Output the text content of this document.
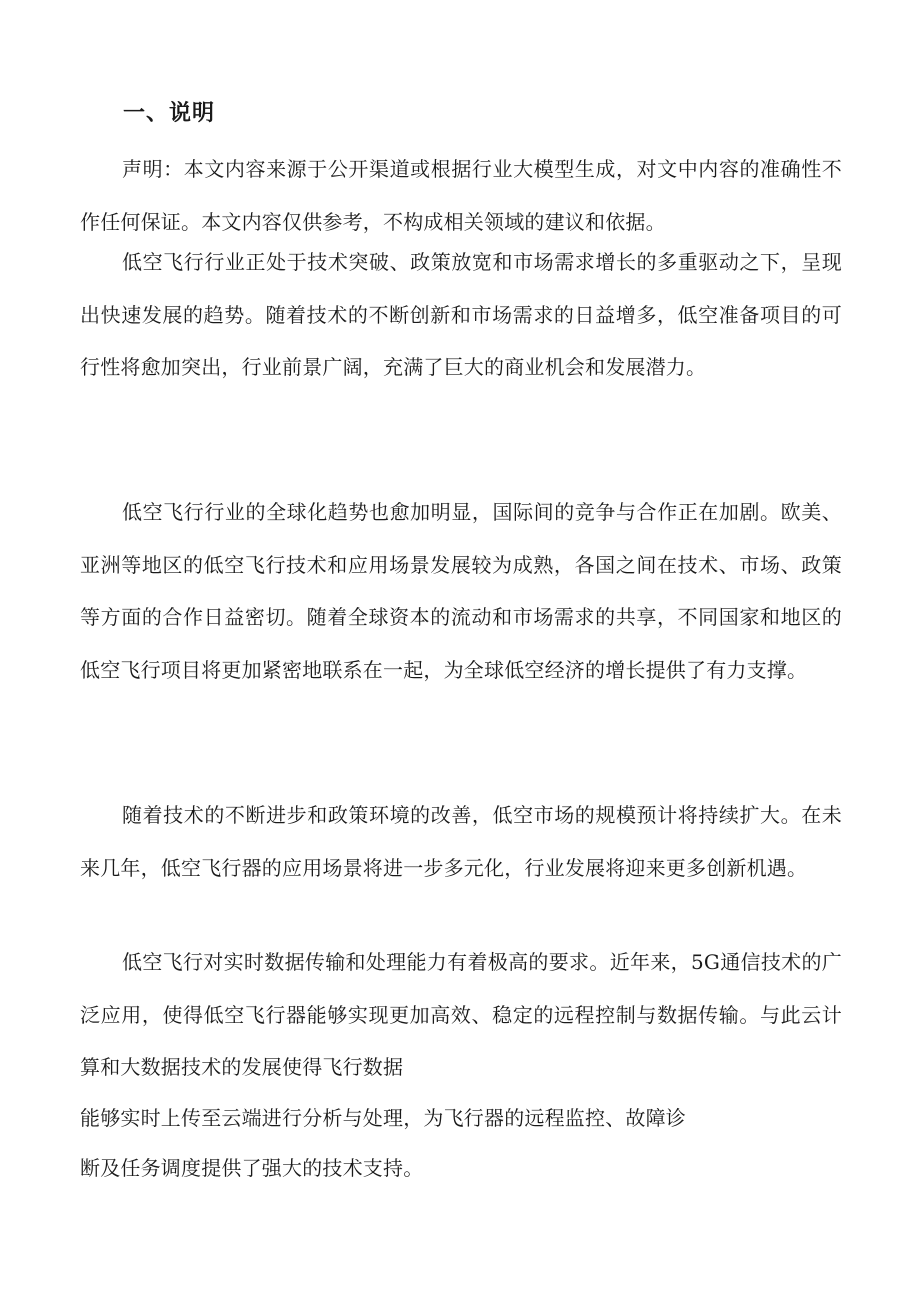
一、说明

声明：本文内容来源于公开渠道或根据行业大模型生成，对文中内容的准确性不作任何保证。本文内容仅供参考，不构成相关领域的建议和依据。

低空飞行行业正处于技术突破、政策放宽和市场需求增长的多重驱动之下，呈现出快速发展的趋势。随着技术的不断创新和市场需求的日益增多，低空准备项目的可行性将愈加突出，行业前景广阔，充满了巨大的商业机会和发展潜力。

低空飞行行业的全球化趋势也愈加明显，国际间的竞争与合作正在加剧。欧美、亚洲等地区的低空飞行技术和应用场景发展较为成熟，各国之间在技术、市场、政策等方面的合作日益密切。随着全球资本的流动和市场需求的共享，不同国家和地区的低空飞行项目将更加紧密地联系在一起，为全球低空经济的增长提供了有力支撑。

随着技术的不断进步和政策环境的改善，低空市场的规模预计将持续扩大。在未来几年，低空飞行器的应用场景将进一步多元化，行业发展将迎来更多创新机遇。

低空飞行对实时数据传输和处理能力有着极高的要求。近年来，5G通信技术的广泛应用，使得低空飞行器能够实现更加高效、稳定的远程控制与数据传输。与此云计算和大数据技术的发展使得飞行数据

能够实时上传至云端进行分析与处理，为飞行器的远程监控、故障诊

断及任务调度提供了强大的技术支持。
